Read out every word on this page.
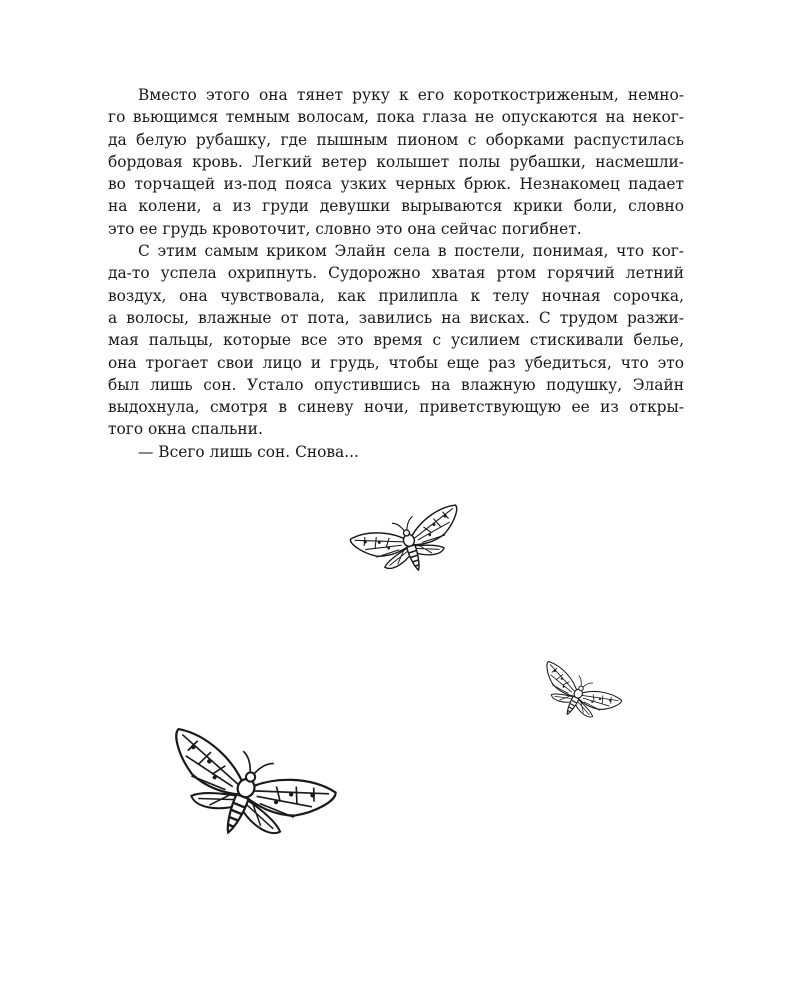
Вместо этого она тянет руку к его короткостриженым, немно-
го вьющимся темным волосам, пока глаза не опускаются на неког-
да белую рубашку, где пышным пионом с оборками распустилась
бордовая кровь. Легкий ветер колышет полы рубашки, насмешли-
во торчащей из-под пояса узких черных брюк. Незнакомец падает
на колени, а из груди девушки вырываются крики боли, словно
это ее грудь кровоточит, словно это она сейчас погибнет.
С этим самым криком Элайн села в постели, понимая, что ког-
да-то успела охрипнуть. Судорожно хватая ртом горячий летний
воздух, она чувствовала, как прилипла к телу ночная сорочка,
а волосы, влажные от пота, завились на висках. С трудом разжи-
мая пальцы, которые все это время с усилием стискивали белье,
она трогает свои лицо и грудь, чтобы еще раз убедиться, что это
был лишь сон. Устало опустившись на влажную подушку, Элайн
выдохнула, смотря в синеву ночи, приветствующую ее из откры-
того окна спальни.
— Всего лишь сон. Снова...
